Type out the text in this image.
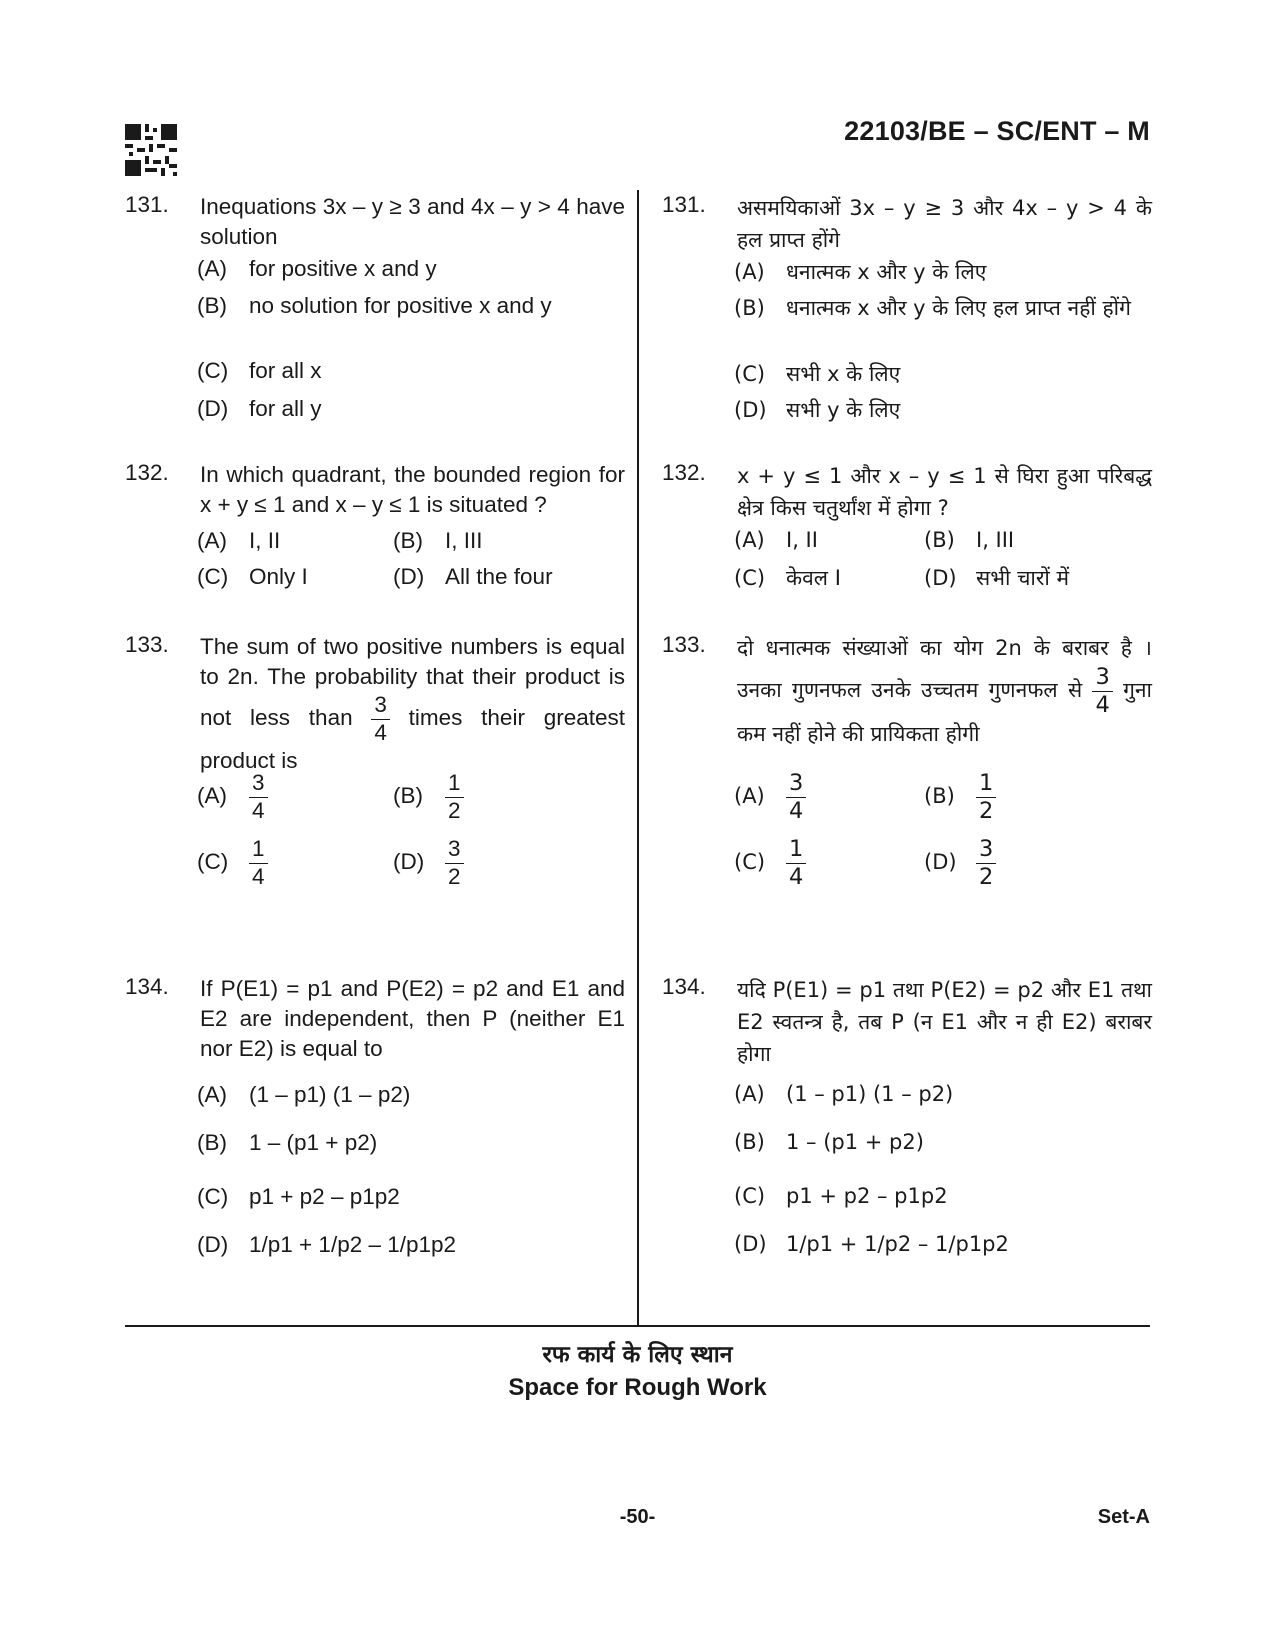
22103/BE – SC/ENT – M
131. Inequations 3x – y ≥ 3 and 4x – y > 4 have solution
(A) for positive x and y
(B) no solution for positive x and y
(C) for all x
(D) for all y
132. In which quadrant, the bounded region for x + y ≤ 1 and x – y ≤ 1 is situated ?
(A) I, II	(B) I, III
(C) Only I	(D) All the four
133. The sum of two positive numbers is equal to 2n. The probability that their product is not less than $\frac{3}{4}$ times their greatest product is
$(A) \frac{3}{4}$	$(B) \frac{1}{2}$
$(C) \frac{1}{4}$	$(D) \frac{3}{2}$
134. If P(E1) = p1 and P(E2) = p2 and E1 and E2 are independent, then P (neither E1 nor E2) is equal to
(A) (1 – p1) (1 – p2)
(B) 1 – (p1 + p2)
(C) p1 + p2 – p1p2
(D) 1/p1 + 1/p2 – 1/p1p2
131. असमयिकाओं 3x – y ≥ 3 और 4x – y > 4 के हल प्राप्त होंगे
(A) धनात्मक x और y के लिए
(B) धनात्मक x और y के लिए हल प्राप्त नहीं होंगे
(C) सभी x के लिए
(D) सभी y के लिए
132. x + y ≤ 1 और x – y ≤ 1 से घिरा हुआ परिबद्ध क्षेत्र किस चतुर्थांश में होगा ?
(A) I, II	(B) I, III
(C) केवल I	(D) सभी चारों में
133. दो धनात्मक संख्याओं का योग 2n के बराबर है । उनका गुणनफल उनके उच्चतम गुणनफल से $\frac{3}{4}$ गुना कम नहीं होने की प्रायिकता होगी
$(A) \frac{3}{4}$	$(B) \frac{1}{2}$
$(C) \frac{1}{4}$	$(D) \frac{3}{2}$
134. यदि P(E1) = p1 तथा P(E2) = p2 और E1 तथा E2 स्वतन्त्र है, तब P (न E1 और न ही E2) बराबर होगा
(A) (1 – p1) (1 – p2)
(B) 1 – (p1 + p2)
(C) p1 + p2 – p1p2
(D) 1/p1 + 1/p2 – 1/p1p2
रफ कार्य के लिए स्थान
Space for Rough Work
-50-	Set-A
